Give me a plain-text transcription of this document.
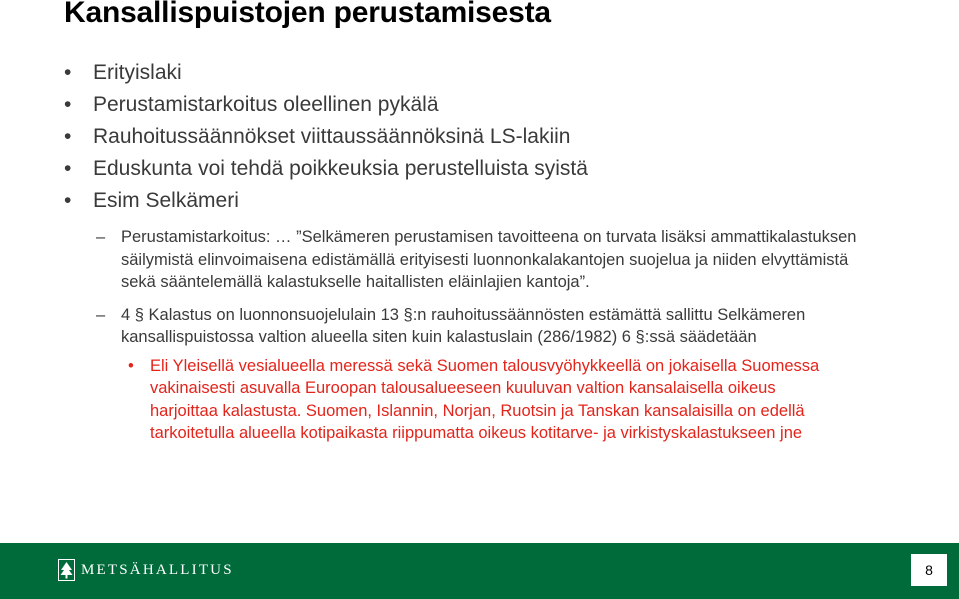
Kansallispuistojen perustamisesta
•	Erityislaki
•	Perustamistarkoitus oleellinen pykälä
•	Rauhoitussäännökset viittaussäännöksinä LS-lakiin
•	Eduskunta voi tehdä poikkeuksia perustelluista syistä
•	Esim Selkämeri
– Perustamistarkoitus: … ”Selkämeren perustamisen tavoitteena on turvata lisäksi ammattikalastuksen säilymistä elinvoimaisena edistämällä erityisesti luonnonkalakantojen suojelua ja niiden elvyttämistä sekä sääntelemällä kalastukselle haitallisten eläinlajien kantoja”.
– 4 § Kalastus on luonnonsuojelulain 13 §:n rauhoitussäännösten estämättä sallittu Selkämeren kansallispuistossa valtion alueella siten kuin kalastuslain (286/1982) 6 §:ssä säädetään
• Eli Yleisellä vesialueella meressä sekä Suomen talousvyöhykkeellä on jokaisella Suomessa vakinaisesti asuvalla Euroopan talousalueeseen kuuluvan valtion kansalaisella oikeus harjoittaa kalastusta. Suomen, Islannin, Norjan, Ruotsin ja Tanskan kansalaisilla on edellä tarkoitetulla alueella kotipaikasta riippumatta oikeus kotitarve- ja virkistyskalastukseen jne
METSÄHALLITUS	8
